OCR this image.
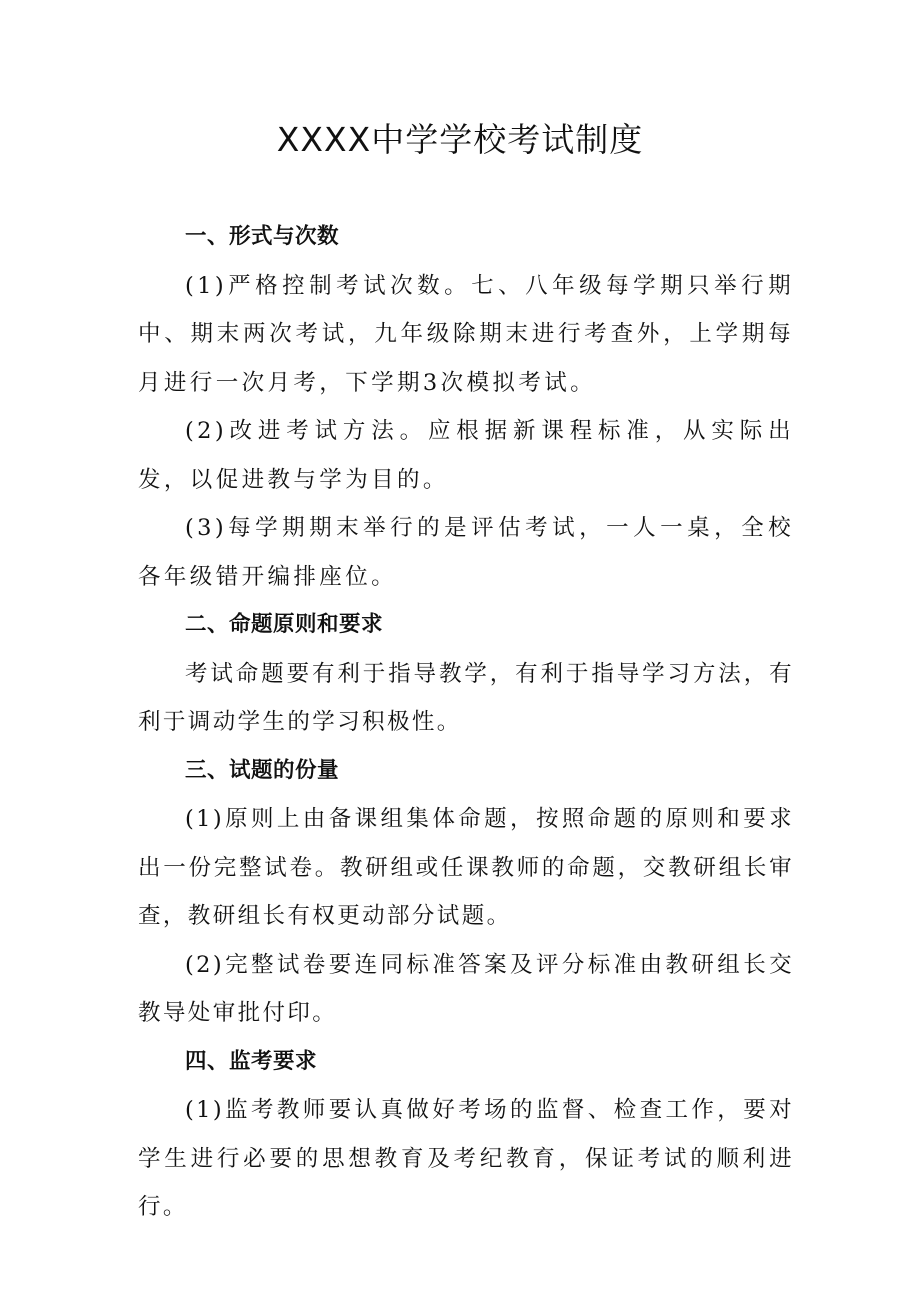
XXXX中学学校考试制度

一、形式与次数

(1)严格控制考试次数。七、八年级每学期只举行期中、期末两次考试，九年级除期末进行考查外，上学期每月进行一次月考，下学期3次模拟考试。

(2)改进考试方法。应根据新课程标准，从实际出发，以促进教与学为目的。

(3)每学期期末举行的是评估考试，一人一桌，全校各年级错开编排座位。

二、命题原则和要求

考试命题要有利于指导教学，有利于指导学习方法，有利于调动学生的学习积极性。

三、试题的份量

(1)原则上由备课组集体命题，按照命题的原则和要求出一份完整试卷。教研组或任课教师的命题，交教研组长审查，教研组长有权更动部分试题。

(2)完整试卷要连同标准答案及评分标准由教研组长交教导处审批付印。

四、监考要求

(1)监考教师要认真做好考场的监督、检查工作，要对学生进行必要的思想教育及考纪教育，保证考试的顺利进行。
